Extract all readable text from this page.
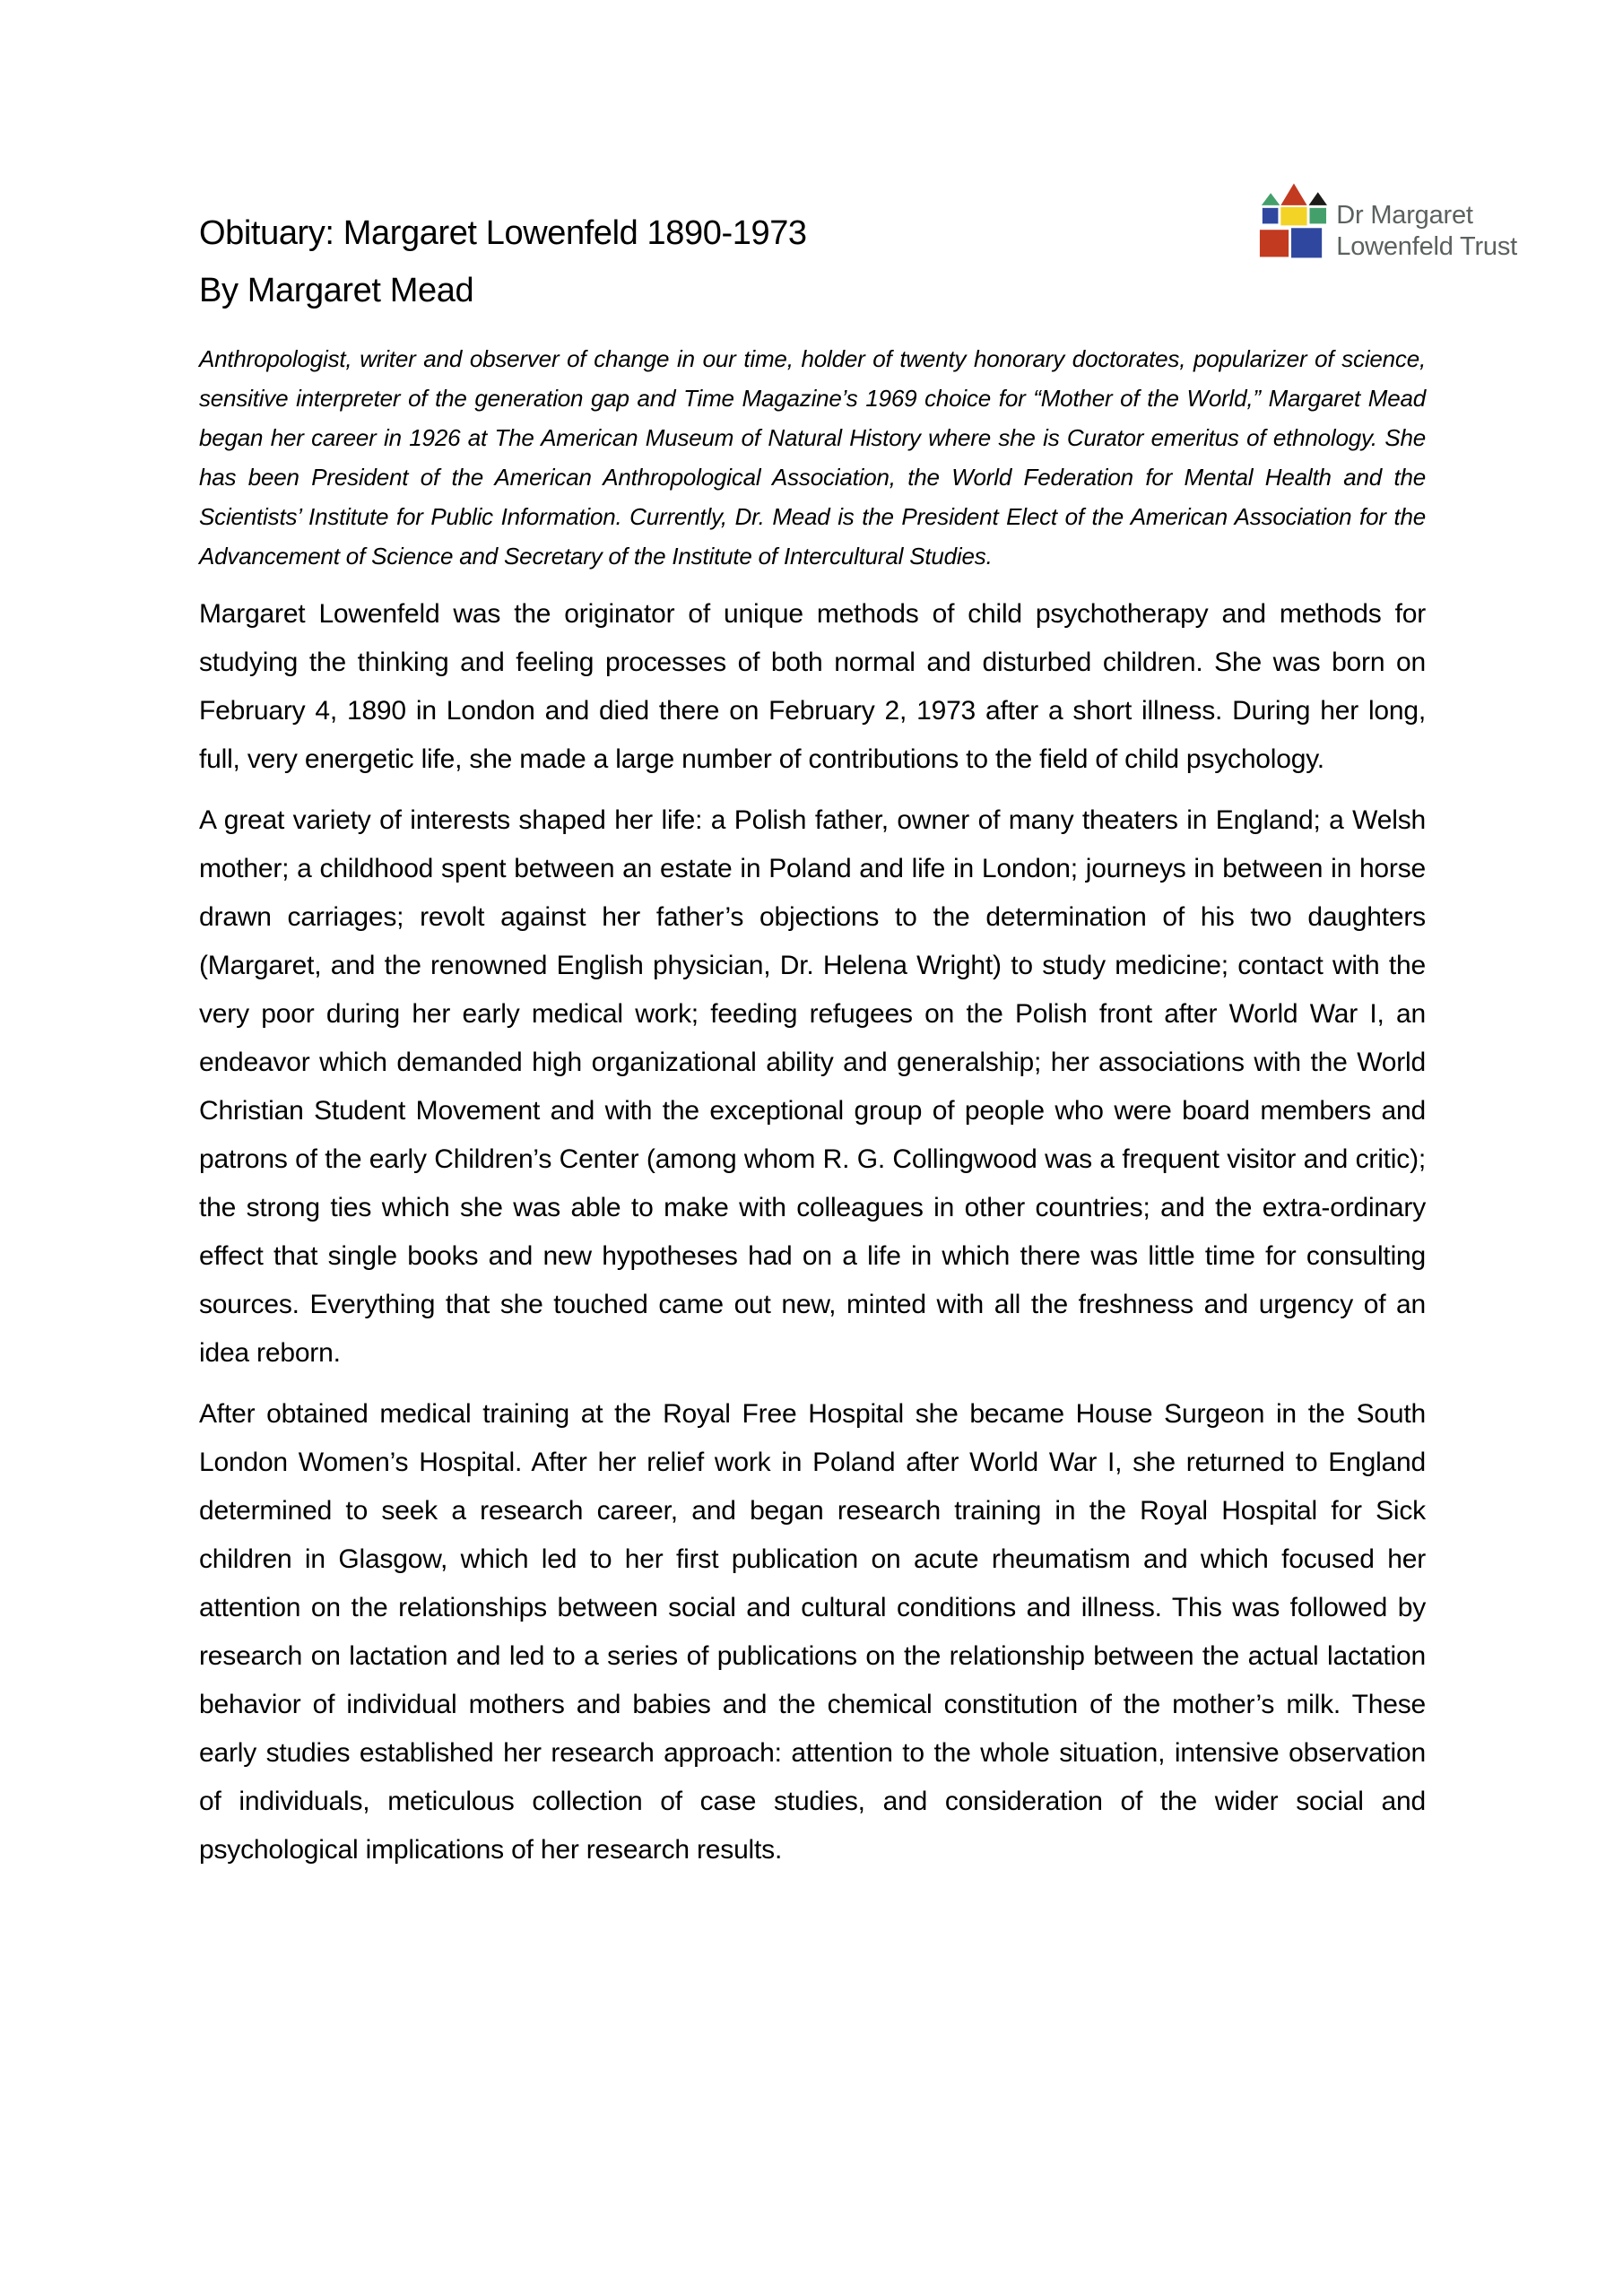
Obituary: Margaret Lowenfeld 1890-1973
By Margaret Mead
Dr Margaret
Lowenfeld Trust

Anthropologist, writer and observer of change in our time, holder of twenty honorary doctorates, popularizer of science, sensitive interpreter of the generation gap and Time Magazine’s 1969 choice for “Mother of the World,” Margaret Mead began her career in 1926 at The American Museum of Natural History where she is Curator emeritus of ethnology. She has been President of the American Anthropological Association, the World Federation for Mental Health and the Scientists’ Institute for Public Information. Currently, Dr. Mead is the President Elect of the American Association for the Advancement of Science and Secretary of the Institute of Intercultural Studies.

Margaret Lowenfeld was the originator of unique methods of child psychotherapy and methods for studying the thinking and feeling processes of both normal and disturbed children. She was born on February 4, 1890 in London and died there on February 2, 1973 after a short illness. During her long, full, very energetic life, she made a large number of contributions to the field of child psychology.

A great variety of interests shaped her life: a Polish father, owner of many theaters in England; a Welsh mother; a childhood spent between an estate in Poland and life in London; journeys in between in horse drawn carriages; revolt against her father’s objections to the determination of his two daughters (Margaret, and the renowned English physician, Dr. Helena Wright) to study medicine; contact with the very poor during her early medical work; feeding refugees on the Polish front after World War I, an endeavor which demanded high organizational ability and generalship; her associations with the World Christian Student Movement and with the exceptional group of people who were board members and patrons of the early Children’s Center (among whom R. G. Collingwood was a frequent visitor and critic); the strong ties which she was able to make with colleagues in other countries; and the extra-ordinary effect that single books and new hypotheses had on a life in which there was little time for consulting sources. Everything that she touched came out new, minted with all the freshness and urgency of an idea reborn.

After obtained medical training at the Royal Free Hospital she became House Surgeon in the South London Women’s Hospital. After her relief work in Poland after World War I, she returned to England determined to seek a research career, and began research training in the Royal Hospital for Sick children in Glasgow, which led to her first publication on acute rheumatism and which focused her attention on the relationships between social and cultural conditions and illness. This was followed by research on lactation and led to a series of publications on the relationship between the actual lactation behavior of individual mothers and babies and the chemical constitution of the mother’s milk. These early studies established her research approach: attention to the whole situation, intensive observation of individuals, meticulous collection of case studies, and consideration of the wider social and psychological implications of her research results.
